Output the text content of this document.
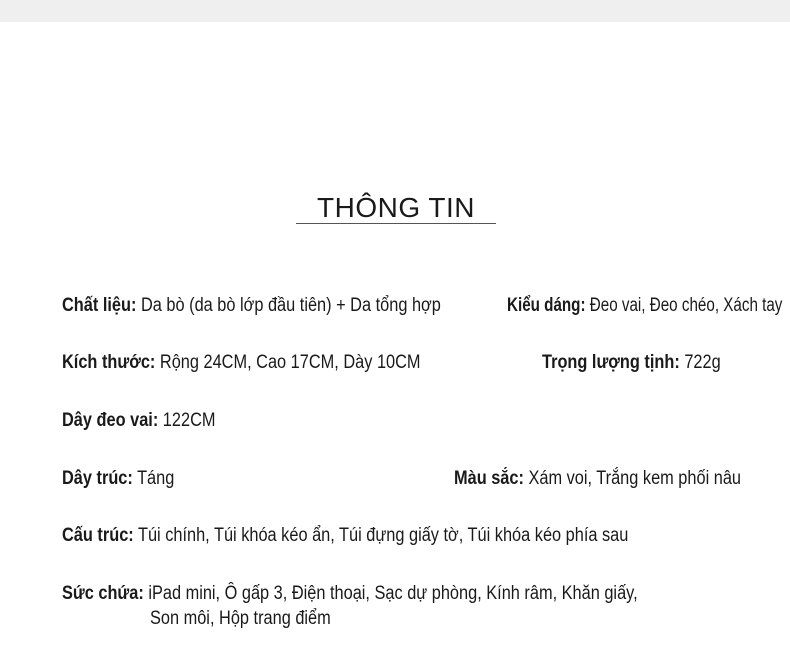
THÔNG TIN
Chất liệu: Da bò (da bò lớp đầu tiên) + Da tổng hợp	Kiểu dáng: Đeo vai, Đeo chéo, Xách tay
Kích thước: Rộng 24CM, Cao 17CM, Dày 10CM	Trọng lượng tịnh: 722g
Dây đeo vai: 122CM
Dây trúc: Táng	Màu sắc: Xám voi, Trắng kem phối nâu
Cấu trúc: Túi chính, Túi khóa kéo ẩn, Túi đựng giấy tờ, Túi khóa kéo phía sau
Sức chứa: iPad mini, Ô gấp 3, Điện thoại, Sạc dự phòng, Kính râm, Khăn giấy,
Son môi, Hộp trang điểm
